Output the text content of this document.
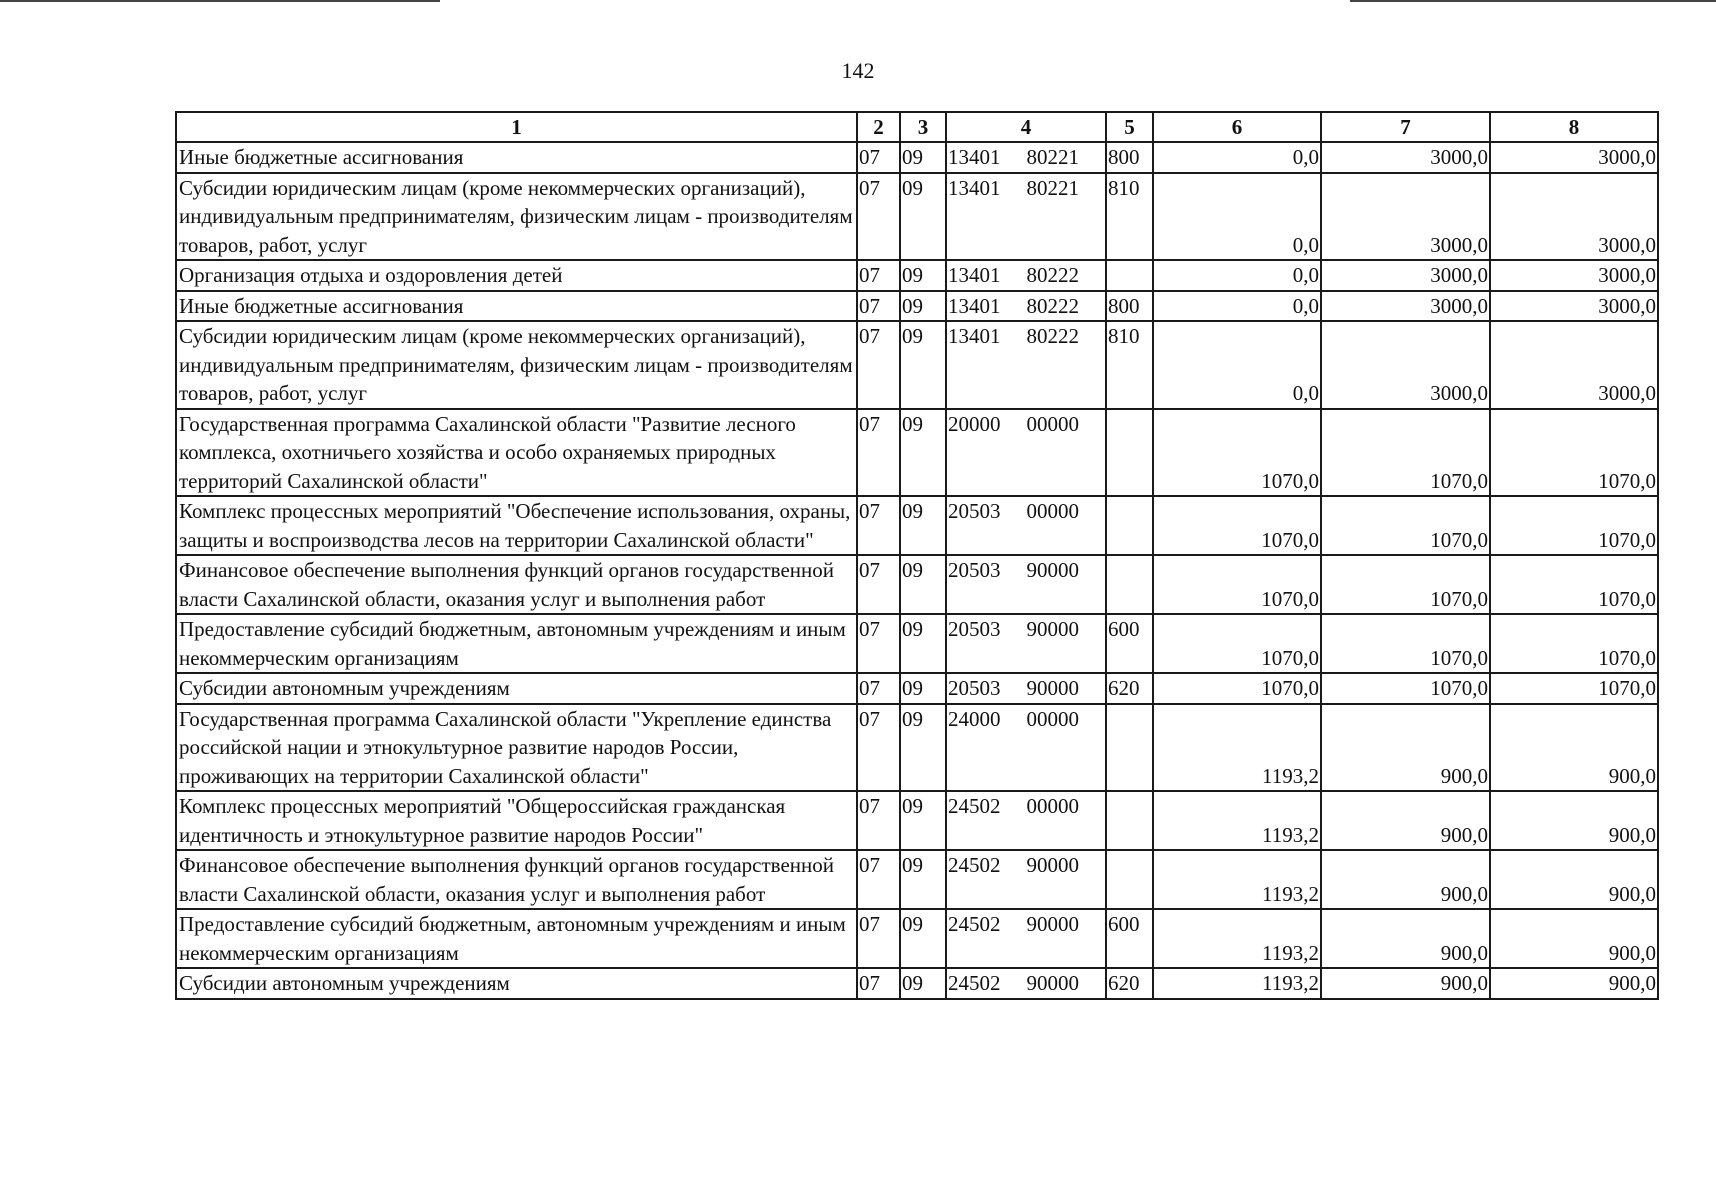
142
1	2	3	4	5	6	7	8
Иные бюджетные ассигнования	07	09	13401 80221	800	0,0	3000,0	3000,0
Субсидии юридическим лицам (кроме некоммерческих организаций), индивидуальным предпринимателям, физическим лицам - производителям товаров, работ, услуг	07	09	13401 80221	810	0,0	3000,0	3000,0
Организация отдыха и оздоровления детей	07	09	13401 80222		0,0	3000,0	3000,0
Иные бюджетные ассигнования	07	09	13401 80222	800	0,0	3000,0	3000,0
Субсидии юридическим лицам (кроме некоммерческих организаций), индивидуальным предпринимателям, физическим лицам - производителям товаров, работ, услуг	07	09	13401 80222	810	0,0	3000,0	3000,0
Государственная программа Сахалинской области "Развитие лесного комплекса, охотничьего хозяйства и особо охраняемых природных территорий Сахалинской области"	07	09	20000 00000		1070,0	1070,0	1070,0
Комплекс процессных мероприятий "Обеспечение использования, охраны, защиты и воспроизводства лесов на территории Сахалинской области"	07	09	20503 00000		1070,0	1070,0	1070,0
Финансовое обеспечение выполнения функций органов государственной власти Сахалинской области, оказания услуг и выполнения работ	07	09	20503 90000		1070,0	1070,0	1070,0
Предоставление субсидий бюджетным, автономным учреждениям и иным некоммерческим организациям	07	09	20503 90000	600	1070,0	1070,0	1070,0
Субсидии автономным учреждениям	07	09	20503 90000	620	1070,0	1070,0	1070,0
Государственная программа Сахалинской области "Укрепление единства российской нации и этнокультурное развитие народов России, проживающих на территории Сахалинской области"	07	09	24000 00000		1193,2	900,0	900,0
Комплекс процессных мероприятий "Общероссийская гражданская идентичность и этнокультурное развитие народов России"	07	09	24502 00000		1193,2	900,0	900,0
Финансовое обеспечение выполнения функций органов государственной власти Сахалинской области, оказания услуг и выполнения работ	07	09	24502 90000		1193,2	900,0	900,0
Предоставление субсидий бюджетным, автономным учреждениям и иным некоммерческим организациям	07	09	24502 90000	600	1193,2	900,0	900,0
Субсидии автономным учреждениям	07	09	24502 90000	620	1193,2	900,0	900,0
